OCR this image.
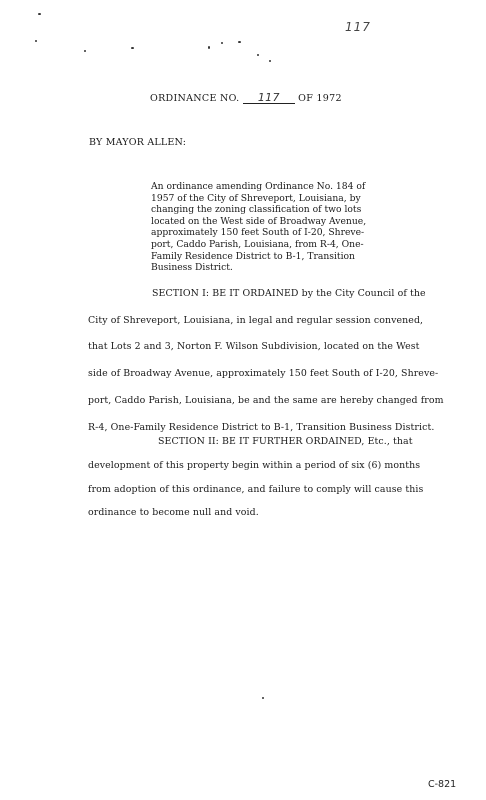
117
ORDINANCE NO. 117 OF 1972
BY MAYOR ALLEN:
An ordinance amending Ordinance No. 184 of
1957 of the City of Shreveport, Louisiana, by
changing the zoning classification of two lots
located on the West side of Broadway Avenue,
approximately 150 feet South of I-20, Shreve-
port, Caddo Parish, Louisiana, from R-4, One-
Family Residence District to B-1, Transition
Business District.
SECTION I: BE IT ORDAINED by the City Council of the
City of Shreveport, Louisiana, in legal and regular session convened,
that Lots 2 and 3, Norton F. Wilson Subdivision, located on the West
side of Broadway Avenue, approximately 150 feet South of I-20, Shreve-
port, Caddo Parish, Louisiana, be and the same are hereby changed from
R-4, One-Family Residence District to B-1, Transition Business District.
SECTION II: BE IT FURTHER ORDAINED, Etc., that
development of this property begin within a period of six (6) months
from adoption of this ordinance, and failure to comply will cause this
ordinance to become null and void.
C-821
